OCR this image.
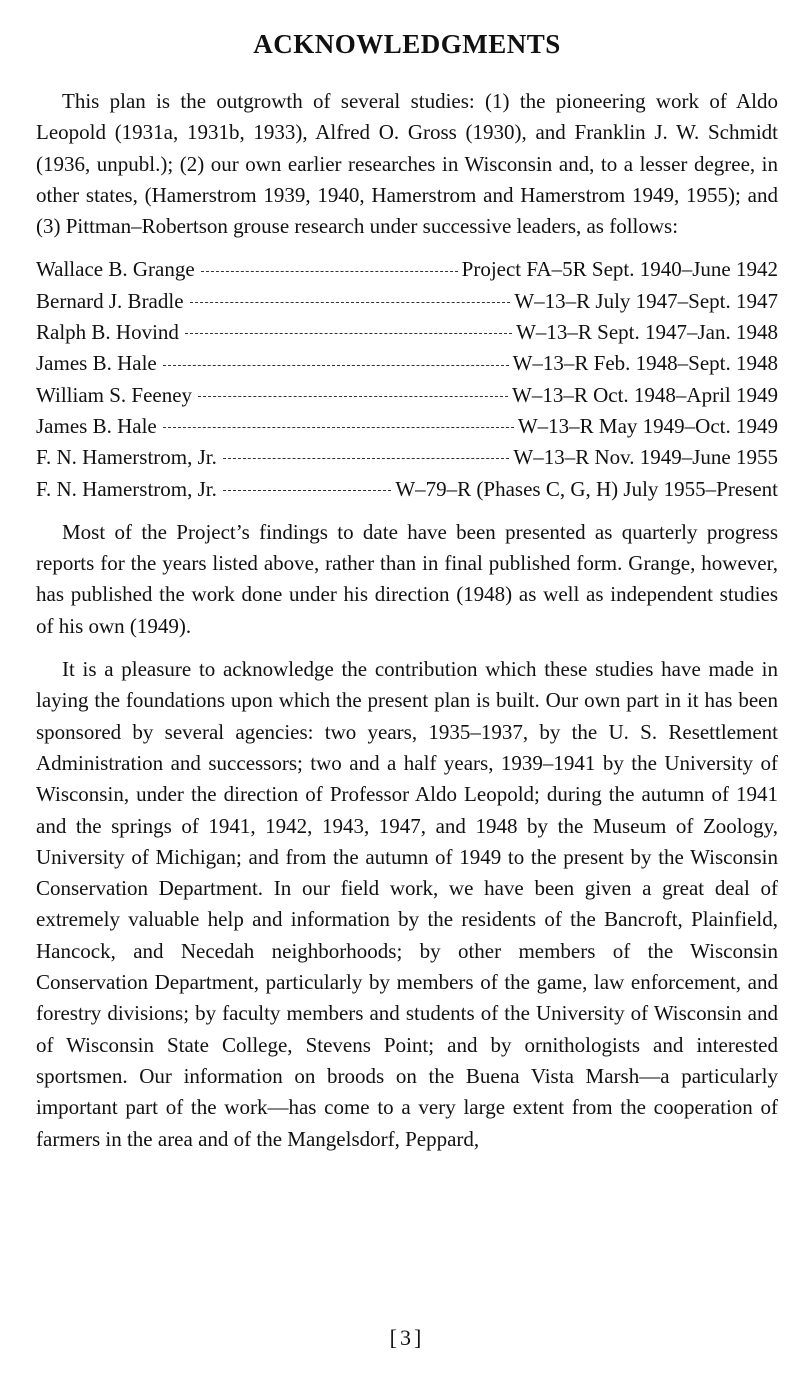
ACKNOWLEDGMENTS

This plan is the outgrowth of several studies: (1) the pioneering work of Aldo Leopold (1931a, 1931b, 1933), Alfred O. Gross (1930), and Franklin J. W. Schmidt (1936, unpubl.); (2) our own earlier researches in Wisconsin and, to a lesser degree, in other states, (Hamerstrom 1939, 1940, Hamerstrom and Hamerstrom 1949, 1955); and (3) Pittman–Robertson grouse research under successive leaders, as follows:

Wallace B. Grange	Project FA–5R Sept. 1940–June 1942
Bernard J. Bradle	W–13–R July 1947–Sept. 1947
Ralph B. Hovind	W–13–R Sept. 1947–Jan. 1948
James B. Hale	W–13–R Feb. 1948–Sept. 1948
William S. Feeney	W–13–R Oct. 1948–April 1949
James B. Hale	W–13–R May 1949–Oct. 1949
F. N. Hamerstrom, Jr.	W–13–R Nov. 1949–June 1955
F. N. Hamerstrom, Jr.	W–79–R (Phases C, G, H) July 1955–Present

Most of the Project’s findings to date have been presented as quarterly progress reports for the years listed above, rather than in final published form. Grange, however, has published the work done under his direction (1948) as well as independent studies of his own (1949).

It is a pleasure to acknowledge the contribution which these studies have made in laying the foundations upon which the present plan is built. Our own part in it has been sponsored by several agencies: two years, 1935–1937, by the U. S. Resettlement Administration and successors; two and a half years, 1939–1941 by the University of Wisconsin, under the direction of Professor Aldo Leopold; during the autumn of 1941 and the springs of 1941, 1942, 1943, 1947, and 1948 by the Museum of Zoology, University of Michigan; and from the autumn of 1949 to the present by the Wisconsin Conservation Department. In our field work, we have been given a great deal of extremely valuable help and information by the residents of the Bancroft, Plainfield, Hancock, and Necedah neighborhoods; by other members of the Wisconsin Conservation Department, particularly by members of the game, law enforcement, and forestry divisions; by faculty members and students of the University of Wisconsin and of Wisconsin State College, Stevens Point; and by ornithologists and interested sportsmen. Our information on broods on the Buena Vista Marsh—a particularly important part of the work—has come to a very large extent from the cooperation of farmers in the area and of the Mangelsdorf, Peppard,

[3]
